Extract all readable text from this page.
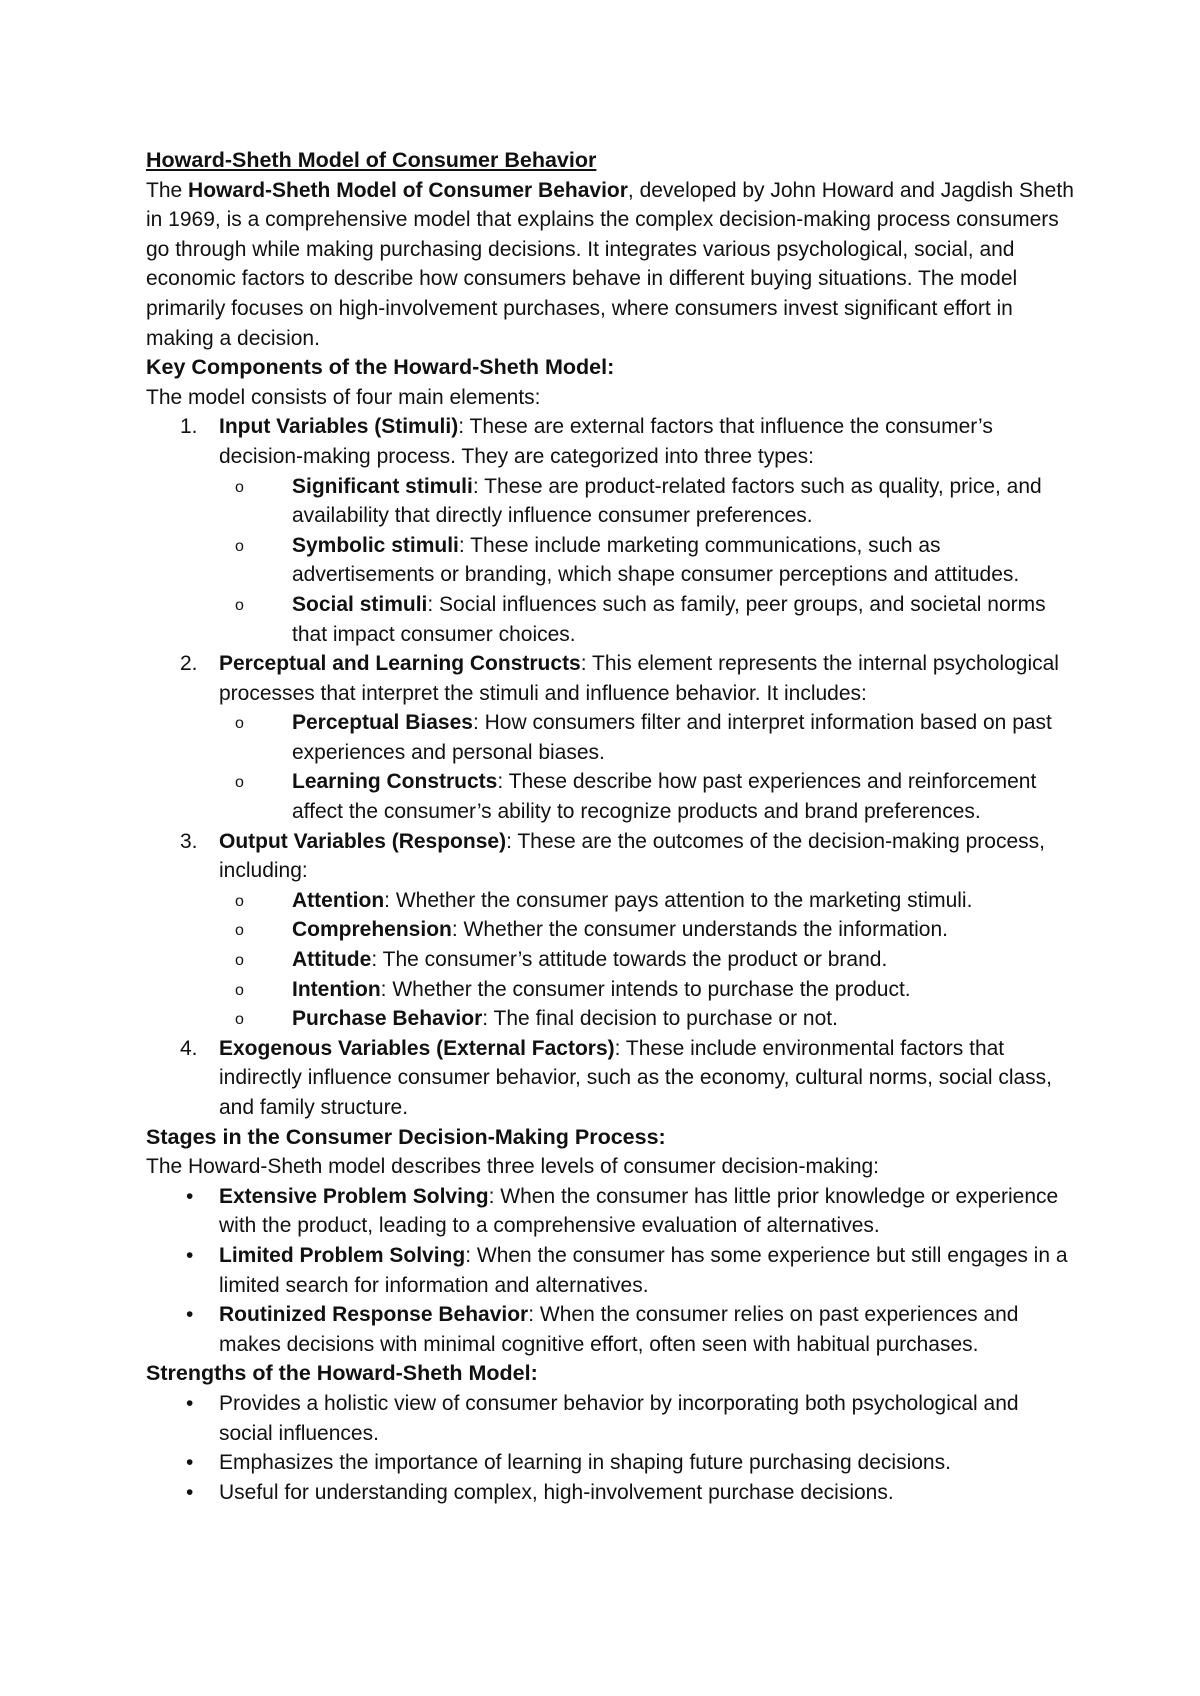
Howard-Sheth Model of Consumer Behavior

The Howard-Sheth Model of Consumer Behavior, developed by John Howard and Jagdish Sheth in 1969, is a comprehensive model that explains the complex decision-making process consumers go through while making purchasing decisions. It integrates various psychological, social, and economic factors to describe how consumers behave in different buying situations. The model primarily focuses on high-involvement purchases, where consumers invest significant effort in making a decision.

Key Components of the Howard-Sheth Model:

The model consists of four main elements:

1. Input Variables (Stimuli): These are external factors that influence the consumer’s decision-making process. They are categorized into three types:
o Significant stimuli: These are product-related factors such as quality, price, and availability that directly influence consumer preferences.
o Symbolic stimuli: These include marketing communications, such as advertisements or branding, which shape consumer perceptions and attitudes.
o Social stimuli: Social influences such as family, peer groups, and societal norms that impact consumer choices.
2. Perceptual and Learning Constructs: This element represents the internal psychological processes that interpret the stimuli and influence behavior. It includes:
o Perceptual Biases: How consumers filter and interpret information based on past experiences and personal biases.
o Learning Constructs: These describe how past experiences and reinforcement affect the consumer’s ability to recognize products and brand preferences.
3. Output Variables (Response): These are the outcomes of the decision-making process, including:
o Attention: Whether the consumer pays attention to the marketing stimuli.
o Comprehension: Whether the consumer understands the information.
o Attitude: The consumer’s attitude towards the product or brand.
o Intention: Whether the consumer intends to purchase the product.
o Purchase Behavior: The final decision to purchase or not.
4. Exogenous Variables (External Factors): These include environmental factors that indirectly influence consumer behavior, such as the economy, cultural norms, social class, and family structure.
Stages in the Consumer Decision-Making Process:

The Howard-Sheth model describes three levels of consumer decision-making:

• Extensive Problem Solving: When the consumer has little prior knowledge or experience with the product, leading to a comprehensive evaluation of alternatives.
• Limited Problem Solving: When the consumer has some experience but still engages in a limited search for information and alternatives.
• Routinized Response Behavior: When the consumer relies on past experiences and makes decisions with minimal cognitive effort, often seen with habitual purchases.
Strengths of the Howard-Sheth Model:
• Provides a holistic view of consumer behavior by incorporating both psychological and social influences.
• Emphasizes the importance of learning in shaping future purchasing decisions.
• Useful for understanding complex, high-involvement purchase decisions.
